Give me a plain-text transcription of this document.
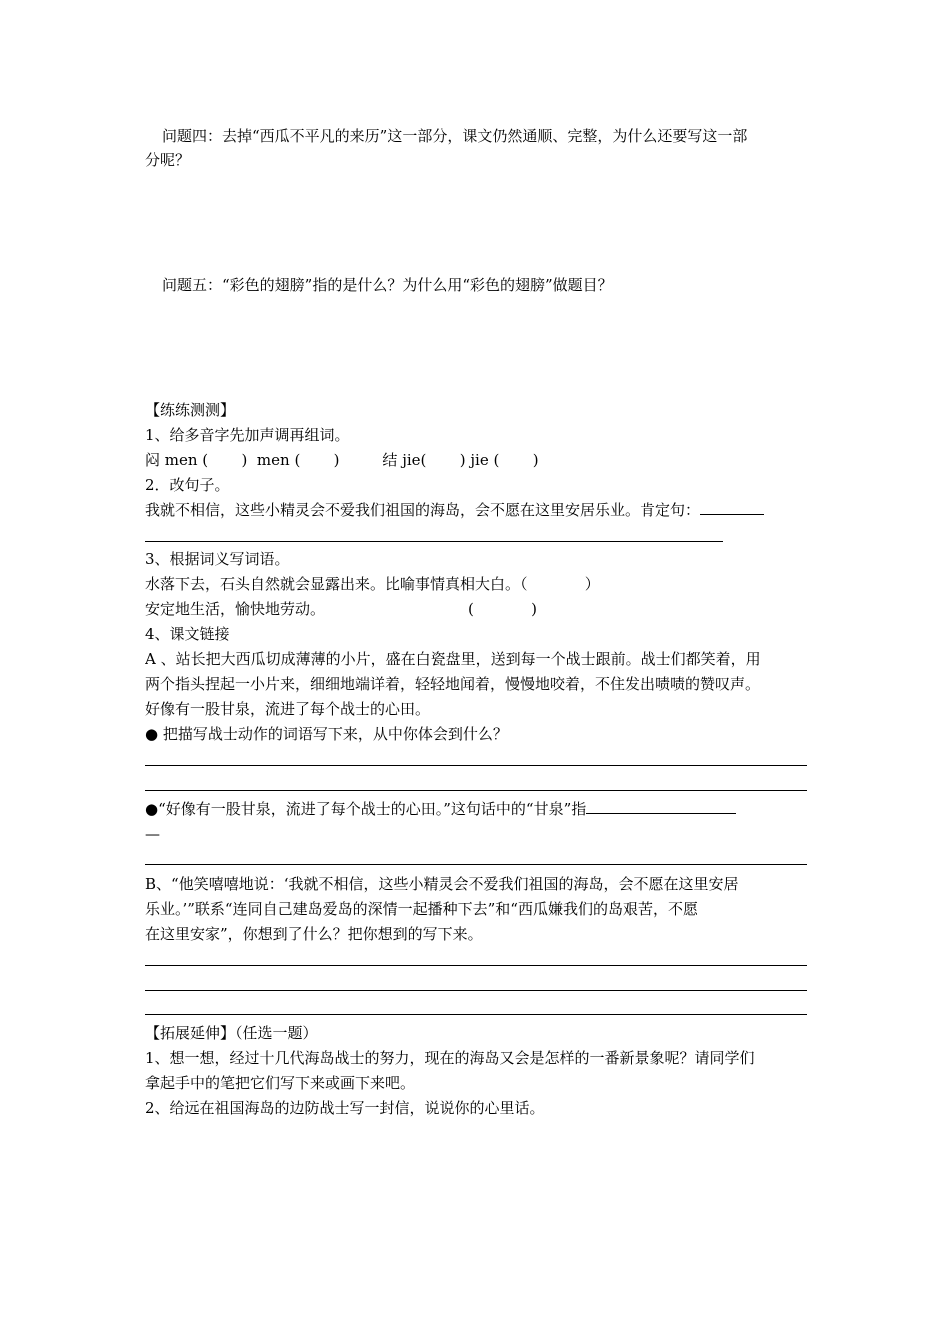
问题四：去掉“西瓜不平凡的来历”这一部分，课文仍然通顺、完整，为什么还要写这一部
分呢？
问题五：“彩色的翅膀”指的是什么？为什么用“彩色的翅膀”做题目？
【练练测测】
1、给多音字先加声调再组词。
闷 men (       )  men (       )         结 jie(       ) jie (       )
2．改句子。
我就不相信，这些小精灵会不爱我们祖国的海岛，会不愿在这里安居乐业。肯定句：
3、根据词义写词语。
水落下去，石头自然就会显露出来。比喻事情真相大白。（            ）
安定地生活，愉快地劳动。                              (            )
4、课文链接
A 、站长把大西瓜切成薄薄的小片，盛在白瓷盘里，送到每一个战士跟前。战士们都笑着，用
两个指头捏起一小片来，细细地端详着，轻轻地闻着，慢慢地咬着，不住发出啧啧的赞叹声。
好像有一股甘泉，流进了每个战士的心田。
● 把描写战士动作的词语写下来，从中你体会到什么？
●“好像有一股甘泉，流进了每个战士的心田。”这句话中的“甘泉”指
—
B、“他笑嘻嘻地说：‘我就不相信，这些小精灵会不爱我们祖国的海岛，会不愿在这里安居
乐业。’”联系“连同自己建岛爱岛的深情一起播种下去”和“西瓜嫌我们的岛艰苦，不愿
在这里安家”，你想到了什么？把你想到的写下来。
【拓展延伸】（任选一题）
1、想一想，经过十几代海岛战士的努力，现在的海岛又会是怎样的一番新景象呢？请同学们
拿起手中的笔把它们写下来或画下来吧。
2、给远在祖国海岛的边防战士写一封信，说说你的心里话。
